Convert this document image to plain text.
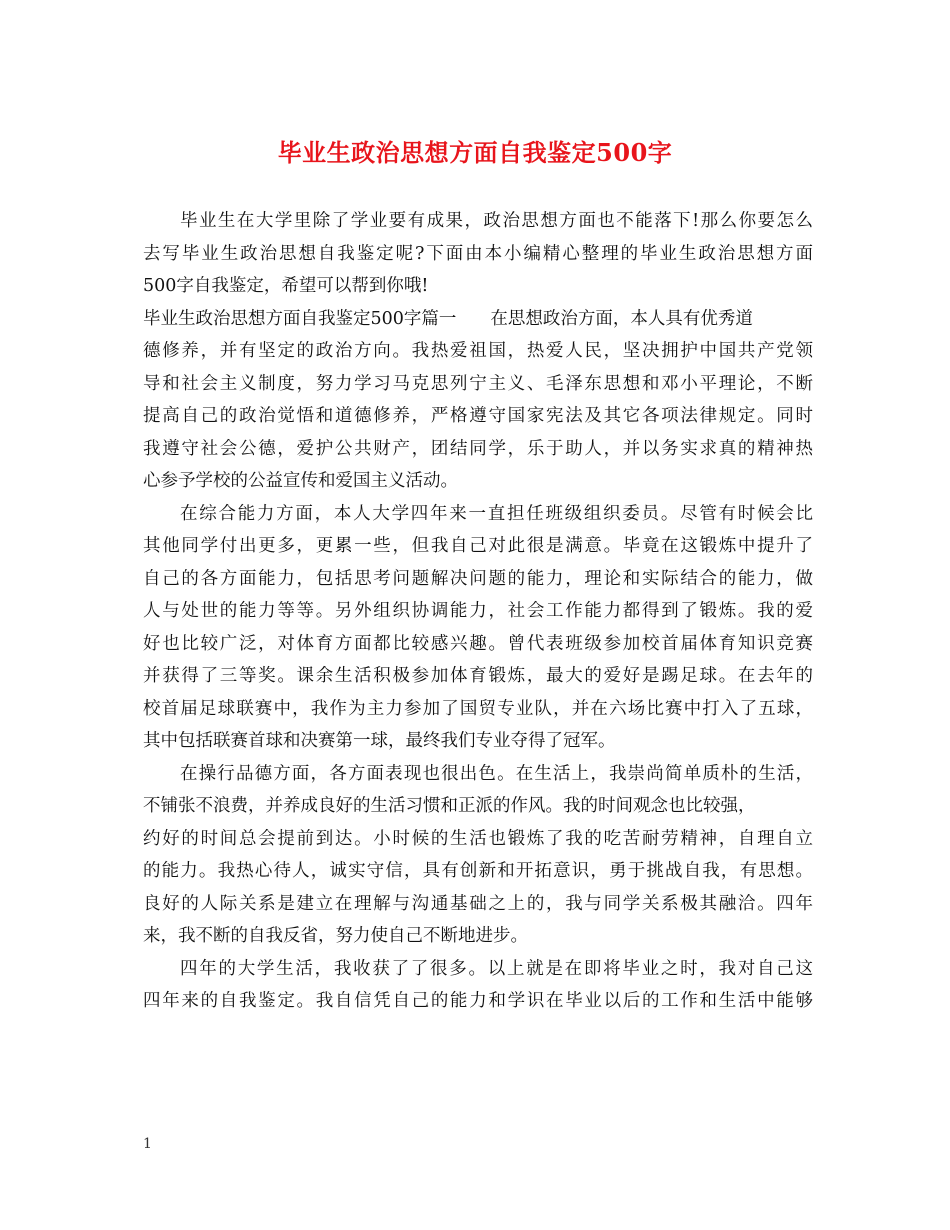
毕业生政治思想方面自我鉴定500字
毕业生在大学里除了学业要有成果，政治思想方面也不能落下!那么你要怎么
去写毕业生政治思想自我鉴定呢?下面由本小编精心整理的毕业生政治思想方面
500字自我鉴定，希望可以帮到你哦!
毕业生政治思想方面自我鉴定500字篇一 在思想政治方面，本人具有优秀道
德修养，并有坚定的政治方向。我热爱祖国，热爱人民，坚决拥护中国共产党领
导和社会主义制度，努力学习马克思列宁主义、毛泽东思想和邓小平理论，不断
提高自己的政治觉悟和道德修养，严格遵守国家宪法及其它各项法律规定。同时
我遵守社会公德，爱护公共财产，团结同学，乐于助人，并以务实求真的精神热
心参予学校的公益宣传和爱国主义活动。
在综合能力方面，本人大学四年来一直担任班级组织委员。尽管有时候会比
其他同学付出更多，更累一些，但我自己对此很是满意。毕竟在这锻炼中提升了
自己的各方面能力，包括思考问题解决问题的能力，理论和实际结合的能力，做
人与处世的能力等等。另外组织协调能力，社会工作能力都得到了锻炼。我的爱
好也比较广泛，对体育方面都比较感兴趣。曾代表班级参加校首届体育知识竞赛
并获得了三等奖。课余生活积极参加体育锻炼，最大的爱好是踢足球。在去年的
校首届足球联赛中，我作为主力参加了国贸专业队，并在六场比赛中打入了五球，
其中包括联赛首球和决赛第一球，最终我们专业夺得了冠军。
在操行品德方面，各方面表现也很出色。在生活上，我崇尚简单质朴的生活，
不铺张不浪费，并养成良好的生活习惯和正派的作风。我的时间观念也比较强，
约好的时间总会提前到达。小时候的生活也锻炼了我的吃苦耐劳精神，自理自立
的能力。我热心待人，诚实守信，具有创新和开拓意识，勇于挑战自我，有思想。
良好的人际关系是建立在理解与沟通基础之上的，我与同学关系极其融洽。四年
来，我不断的自我反省，努力使自己不断地进步。
四年的大学生活，我收获了了很多。以上就是在即将毕业之时，我对自己这
四年来的自我鉴定。我自信凭自己的能力和学识在毕业以后的工作和生活中能够
1
